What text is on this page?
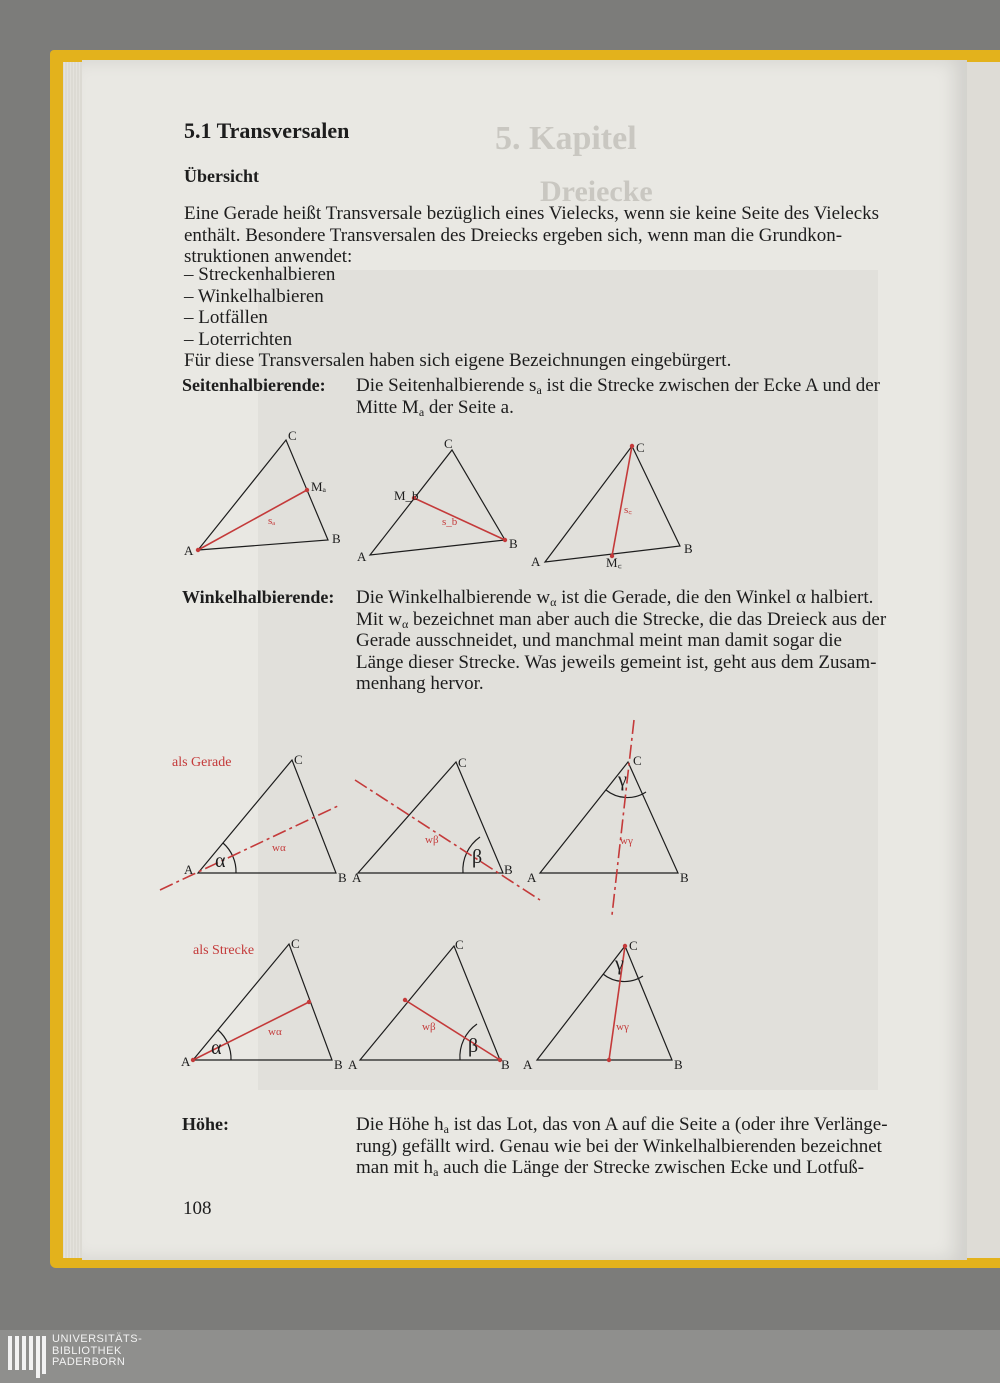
5. Kapitel
Dreiecke
5.1 Transversalen
Übersicht
Eine Gerade heißt Transversale bezüglich eines Vielecks, wenn sie keine Seite des Vielecks
enthält. Besondere Transversalen des Dreiecks ergeben sich, wenn man die Grundkon-
struktionen anwendet:
– Streckenhalbieren
– Winkelhalbieren
– Lotfällen
– Loterrichten
Für diese Transversalen haben sich eigene Bezeichnungen eingebürgert.
Seitenhalbierende: Die Seitenhalbierende $s_a$ ist die Strecke zwischen der Ecke A und der
Mitte $M_a$ der Seite a.
Winkelhalbierende: Die Winkelhalbierende $w_\alpha$ ist die Gerade, die den Winkel α halbiert.
Mit $w_\alpha$ bezeichnet man aber auch die Strecke, die das Dreieck aus der
Gerade ausschneidet, und manchmal meint man damit sogar die
Länge dieser Strecke. Was jeweils gemeint ist, geht aus dem Zusam-
menhang hervor.
Höhe:	Die Höhe $h_a$ ist das Lot, das von A auf die Seite a (oder ihre Verlänge-
rung) gefällt wird. Genau wie bei der Winkelhalbierenden bezeichnet
man mit $h_a$ auch die Länge der Strecke zwischen Ecke und Lotfuß-
108
A
B
C
Mₐ
sₐ
A
B
C
M_b
s_b
A
B
C
M꜀
s꜀
als Gerade
A
B
C
α
wα
A
B
C
β
wβ
A	B
C
γ
wγ
als Strecke
A	B
C
α
wα
A	B
C
β
wβ
A	B
C
γ
wγ
UNIVERSITÄTS-
BIBLIOTHEK
PADERBORN
